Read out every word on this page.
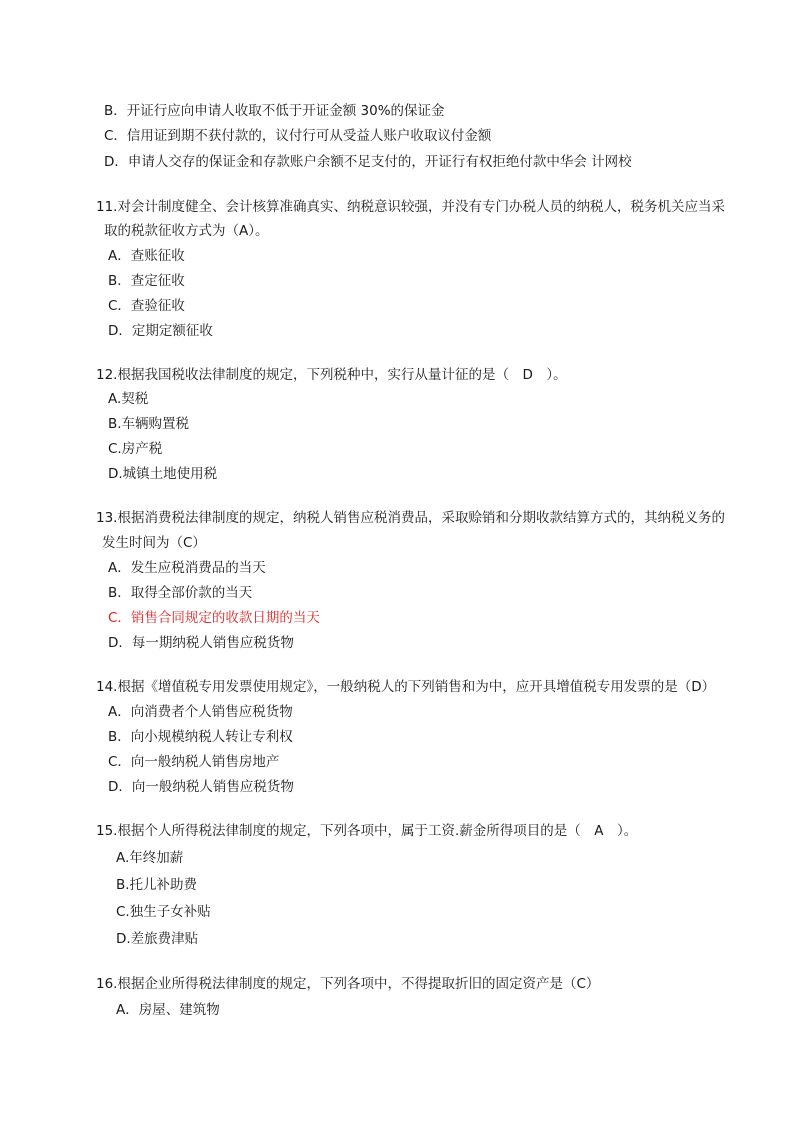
B．开证行应向申请人收取不低于开证金额 30%的保证金
C．信用证到期不获付款的，议付行可从受益人账户收取议付金额
D．申请人交存的保证金和存款账户余额不足支付的，开证行有权拒绝付款中华会 计网校
11.对会计制度健全、会计核算准确真实、纳税意识较强，并没有专门办税人员的纳税人，税务机关应当采
取的税款征收方式为（A）。
A．查账征收
B．查定征收
C．查验征收
D．定期定额征收
12.根据我国税收法律制度的规定，下列税种中，实行从量计征的是（　D　）。
A.契税
B.车辆购置税
C.房产税
D.城镇土地使用税
13.根据消费税法律制度的规定，纳税人销售应税消费品，采取赊销和分期收款结算方式的，其纳税义务的
发生时间为（C）
A．发生应税消费品的当天
B．取得全部价款的当天
C．销售合同规定的收款日期的当天
D．每一期纳税人销售应税货物
14.根据《增值税专用发票使用规定》，一般纳税人的下列销售和为中，应开具增值税专用发票的是（D）
A．向消费者个人销售应税货物
B．向小规模纳税人转让专利权
C．向一般纳税人销售房地产
D．向一般纳税人销售应税货物
15.根据个人所得税法律制度的规定，下列各项中，属于工资.薪金所得项目的是（　A　）。
A.年终加薪
B.托儿补助费
C.独生子女补贴
D.差旅费津贴
16.根据企业所得税法律制度的规定，下列各项中，不得提取折旧的固定资产是（C）
A．房屋、建筑物
